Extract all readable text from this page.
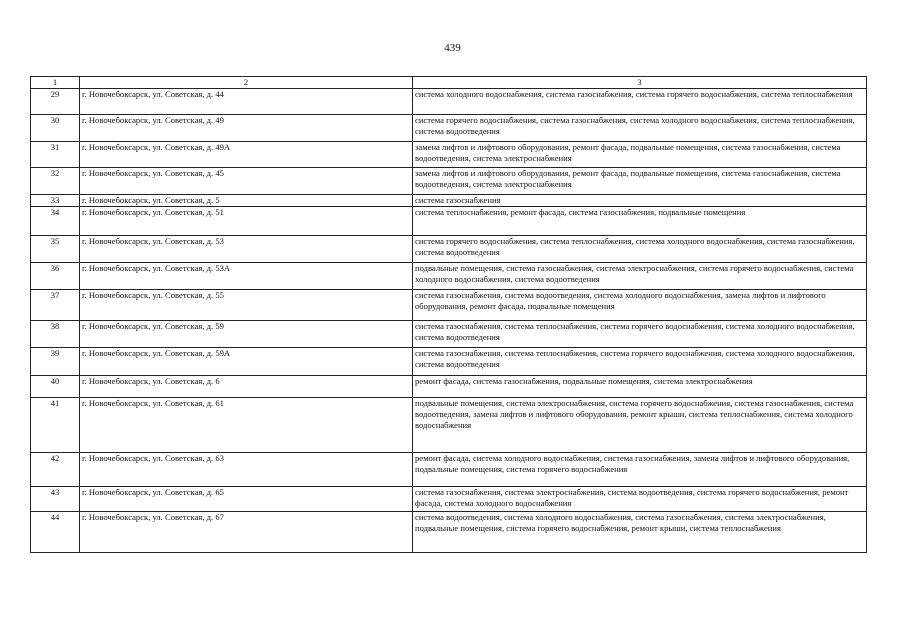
439
1	2	3
29	г. Новочебоксарск, ул. Советская, д. 44	система холодного водоснабжения, система газоснабжения, система горячего водоснабжения, система теплоснабжения
30	г. Новочебоксарск, ул. Советская, д. 49	система горячего водоснабжения, система газоснабжения, система холодного водоснабжения, система теплоснабжения, система водоотведения
31	г. Новочебоксарск, ул. Советская, д. 49А	замена лифтов и лифтового оборудования, ремонт фасада, подвальные помещения, система газоснабжения, система водоотведения, система электроснабжения
32	г. Новочебоксарск, ул. Советская, д. 45	замена лифтов и лифтового оборудования, ремонт фасада, подвальные помещения, система газоснабжения, система водоотведения, система электроснабжения
33	г. Новочебоксарск, ул. Советская, д. 5	система газоснабжения
34	г. Новочебоксарск, ул. Советская, д. 51	система теплоснабжения, ремонт фасада, система газоснабжения, подвальные помещения
35	г. Новочебоксарск, ул. Советская, д. 53	система горячего водоснабжения, система теплоснабжения, система холодного водоснабжения, система газоснабжения, система водоотведения
36	г. Новочебоксарск, ул. Советская, д. 53А	подвальные помещения, система газоснабжения, система электроснабжения, система горячего водоснабжения, система холодного водоснабжения, система водоотведения
37	г. Новочебоксарск, ул. Советская, д. 55	система газоснабжения, система водоотведения, система холодного водоснабжения, замена лифтов и лифтового оборудования, ремонт фасада, подвальные помещения
38	г. Новочебоксарск, ул. Советская, д. 59	система газоснабжения, система теплоснабжения, система горячего водоснабжения, система холодного водоснабжения, система водоотведения
39	г. Новочебоксарск, ул. Советская, д. 59А	система газоснабжения, система теплоснабжения, система горячего водоснабжения, система холодного водоснабжения, система водоотведения
40	г. Новочебоксарск, ул. Советская, д. 6	ремонт фасада, система газоснабжения, подвальные помещения, система электроснабжения
41	г. Новочебоксарск, ул. Советская, д. 61	подвальные помещения, система электроснабжения, система горячего водоснабжения, система газоснабжения, система водоотведения, замена лифтов и лифтового оборудования, ремонт крыши, система теплоснабжения, система холодного водоснабжения
42	г. Новочебоксарск, ул. Советская, д. 63	ремонт фасада, система холодного водоснабжения, система газоснабжения, замена лифтов и лифтового оборудования, подвальные помещения, система горячего водоснабжения
43	г. Новочебоксарск, ул. Советская, д. 65	система газоснабжения, система электроснабжения, система водоотведения, система горячего водоснабжения, ремонт фасада, система холодного водоснабжения
44	г. Новочебоксарск, ул. Советская, д. 67	система водоотведения, система холодного водоснабжения, система газоснабжения, система электроснабжения, подвальные помещения, система горячего водоснабжения, ремонт крыши, система теплоснабжения
